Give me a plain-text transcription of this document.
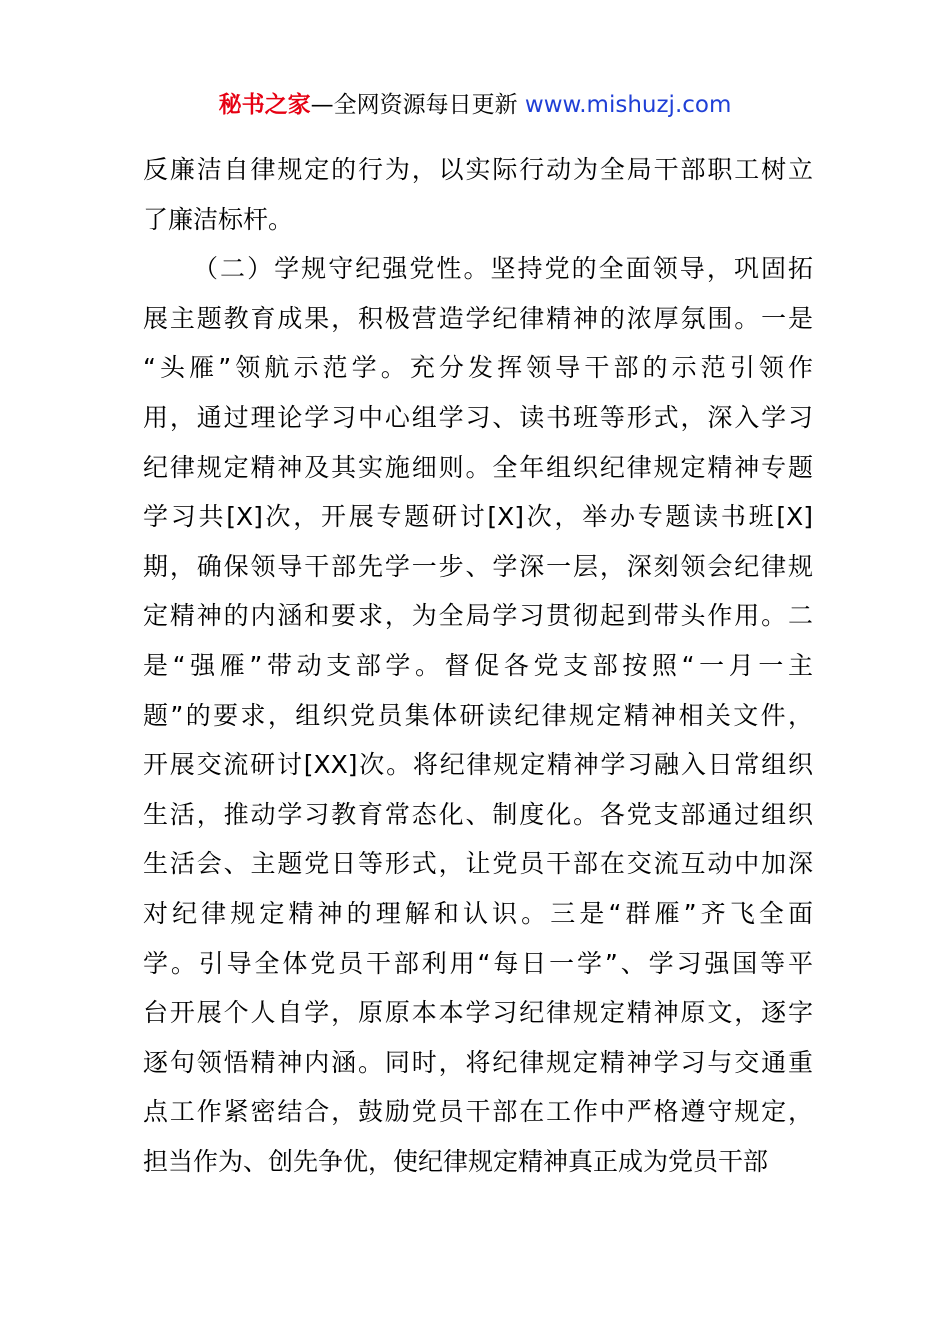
秘书之家—全网资源每日更新 www.mishuzj.com
反廉洁自律规定的行为，以实际行动为全局干部职工树立
了廉洁标杆。
（二）学规守纪强党性。坚持党的全面领导，巩固拓
展主题教育成果，积极营造学纪律精神的浓厚氛围。一是
“头雁”领航示范学。充分发挥领导干部的示范引领作
用，通过理论学习中心组学习、读书班等形式，深入学习
纪律规定精神及其实施细则。全年组织纪律规定精神专题
学习共[X]次，开展专题研讨[X]次，举办专题读书班[X]
期，确保领导干部先学一步、学深一层，深刻领会纪律规
定精神的内涵和要求，为全局学习贯彻起到带头作用。二
是“强雁”带动支部学。督促各党支部按照“一月一主
题”的要求，组织党员集体研读纪律规定精神相关文件，
开展交流研讨[XX]次。将纪律规定精神学习融入日常组织
生活，推动学习教育常态化、制度化。各党支部通过组织
生活会、主题党日等形式，让党员干部在交流互动中加深
对纪律规定精神的理解和认识。三是“群雁”齐飞全面
学。引导全体党员干部利用“每日一学”、学习强国等平
台开展个人自学，原原本本学习纪律规定精神原文，逐字
逐句领悟精神内涵。同时，将纪律规定精神学习与交通重
点工作紧密结合，鼓励党员干部在工作中严格遵守规定，
担当作为、创先争优，使纪律规定精神真正成为党员干部
